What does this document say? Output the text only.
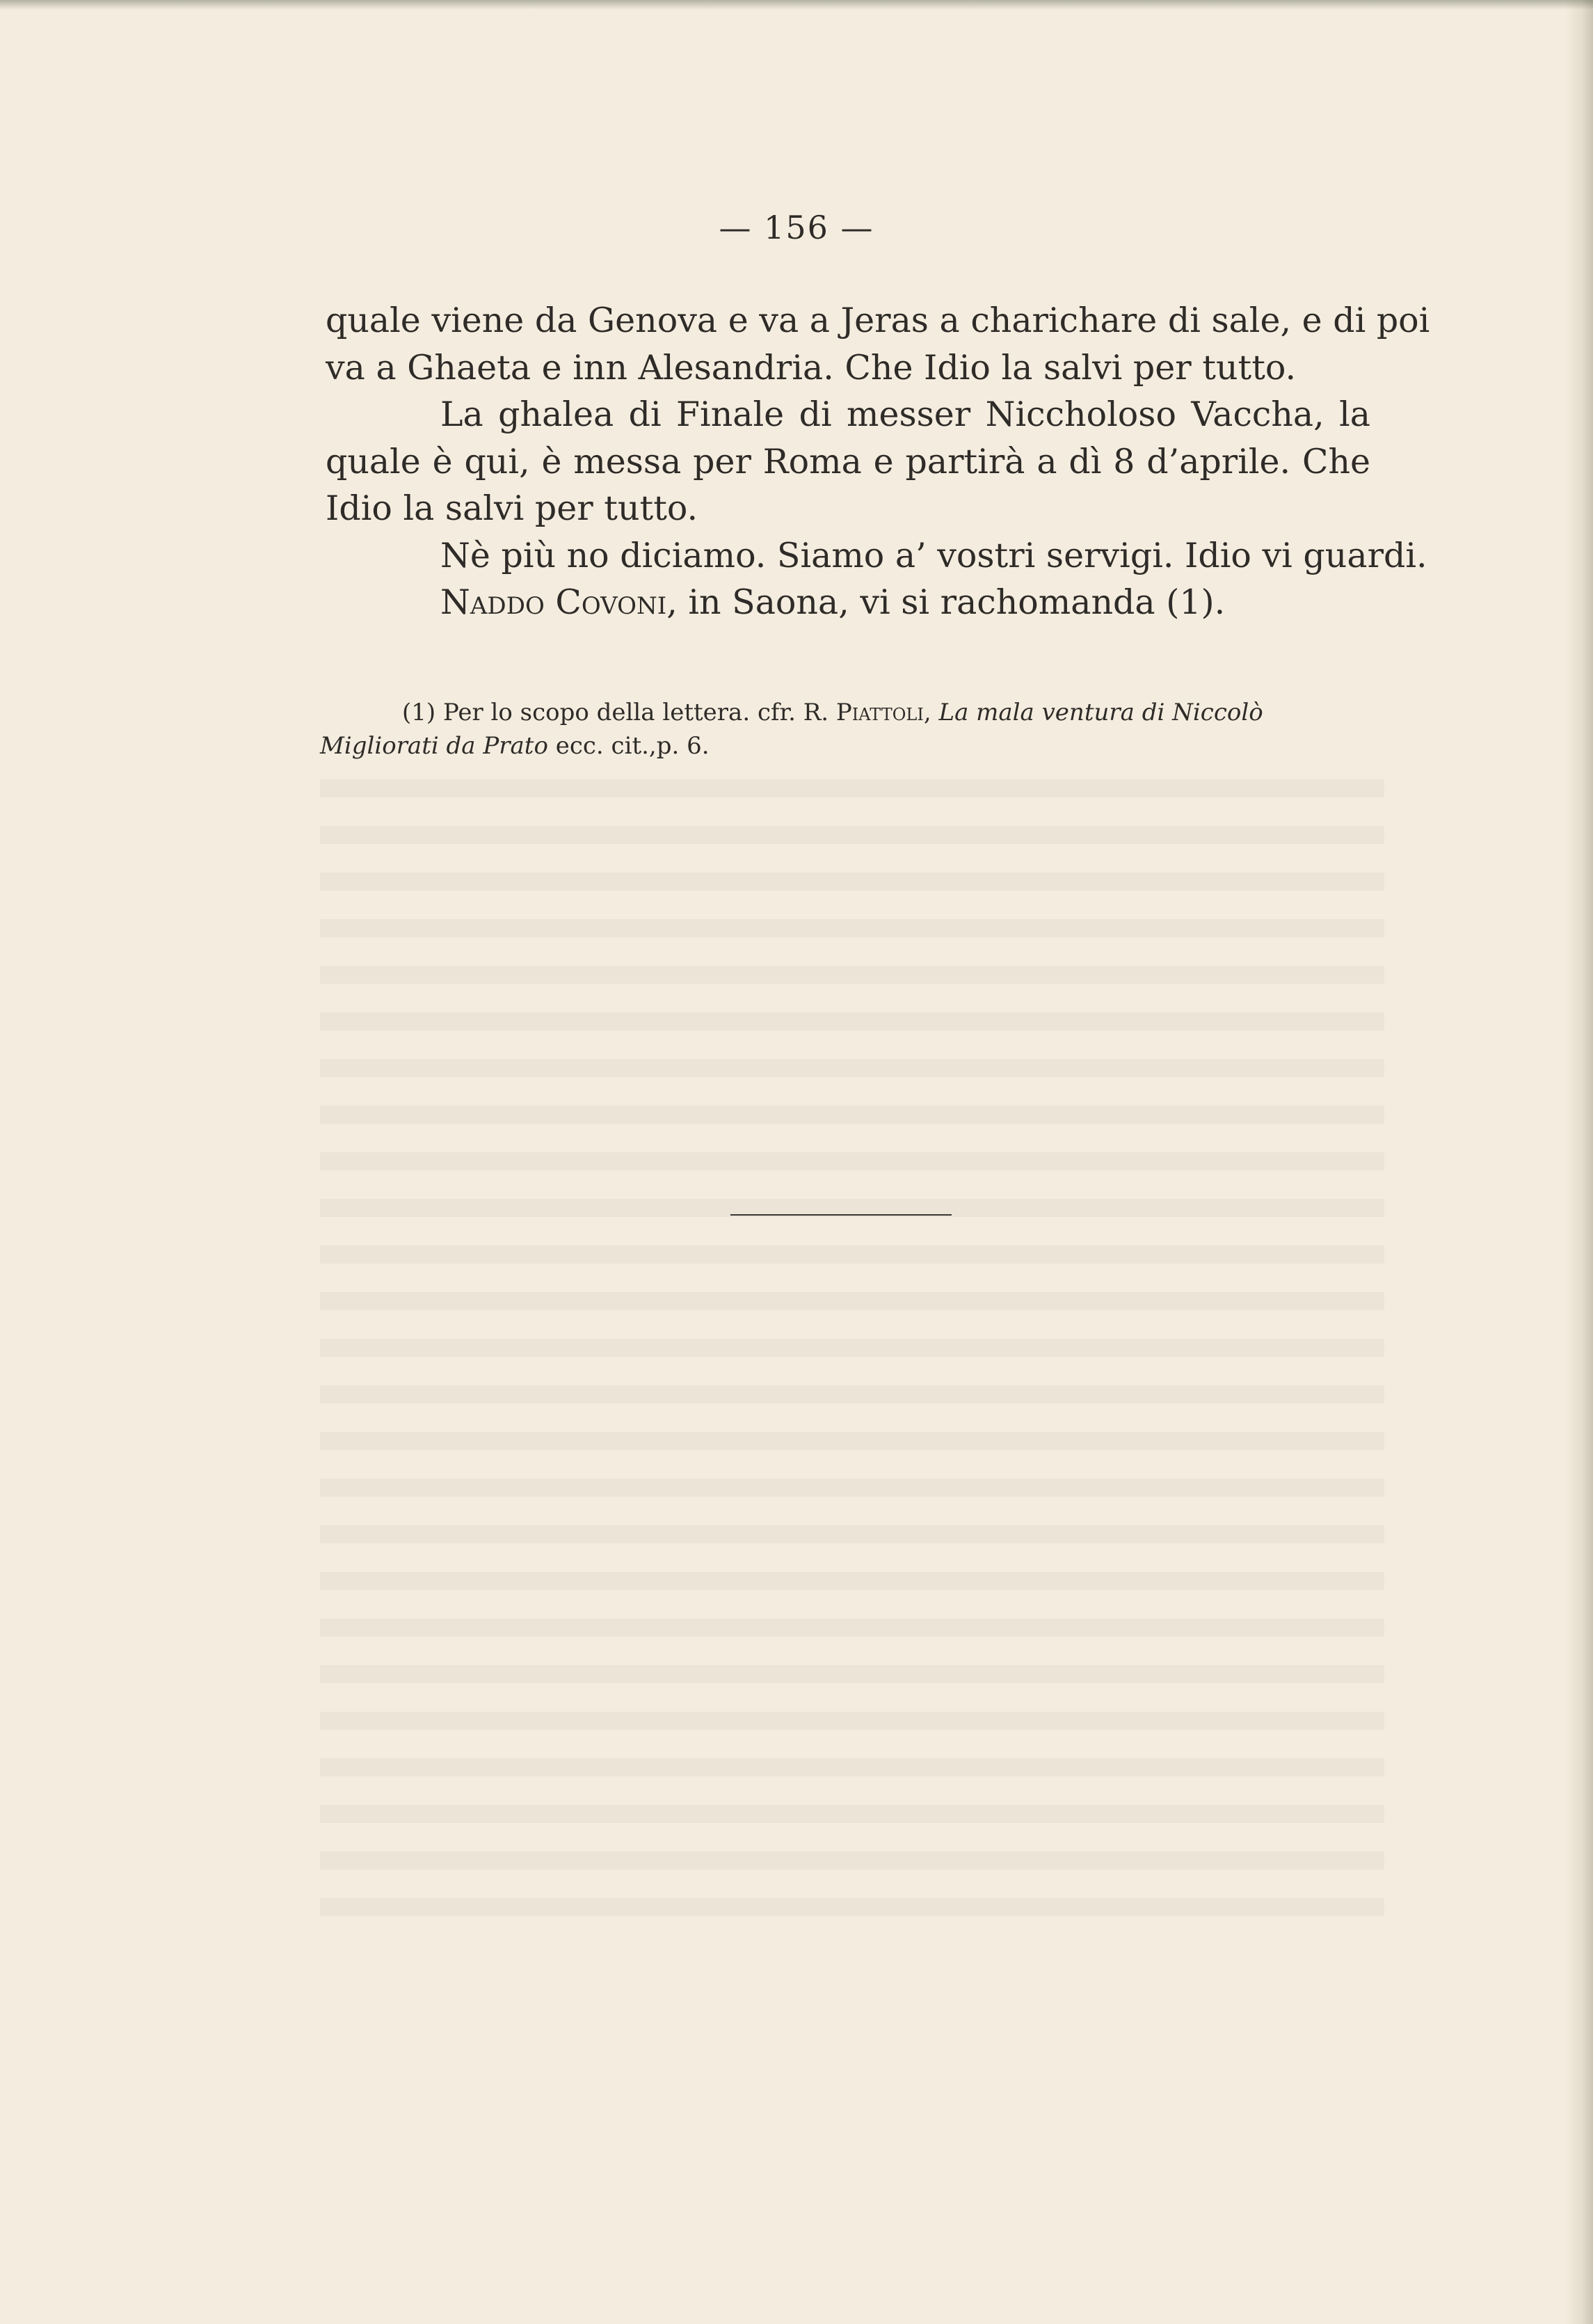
— 156 —
quale viene da Genova e va a Jeras a charichare di sale, e di poi
va a Ghaeta e inn Alesandria. Che Idio la salvi per tutto.
La ghalea di Finale di messer Niccholoso Vaccha, la
quale è qui, è messa per Roma e partirà a dì 8 d’aprile. Che
Idio la salvi per tutto.
Nè più no diciamo. Siamo a’ vostri servigi. Idio vi guardi.
Naddo Covoni, in Saona, vi si rachomanda (1).
(1) Per lo scopo della lettera. cfr. R. Piattoli, La mala ventura di Niccolò
Migliorati da Prato ecc. cit.,p. 6.
